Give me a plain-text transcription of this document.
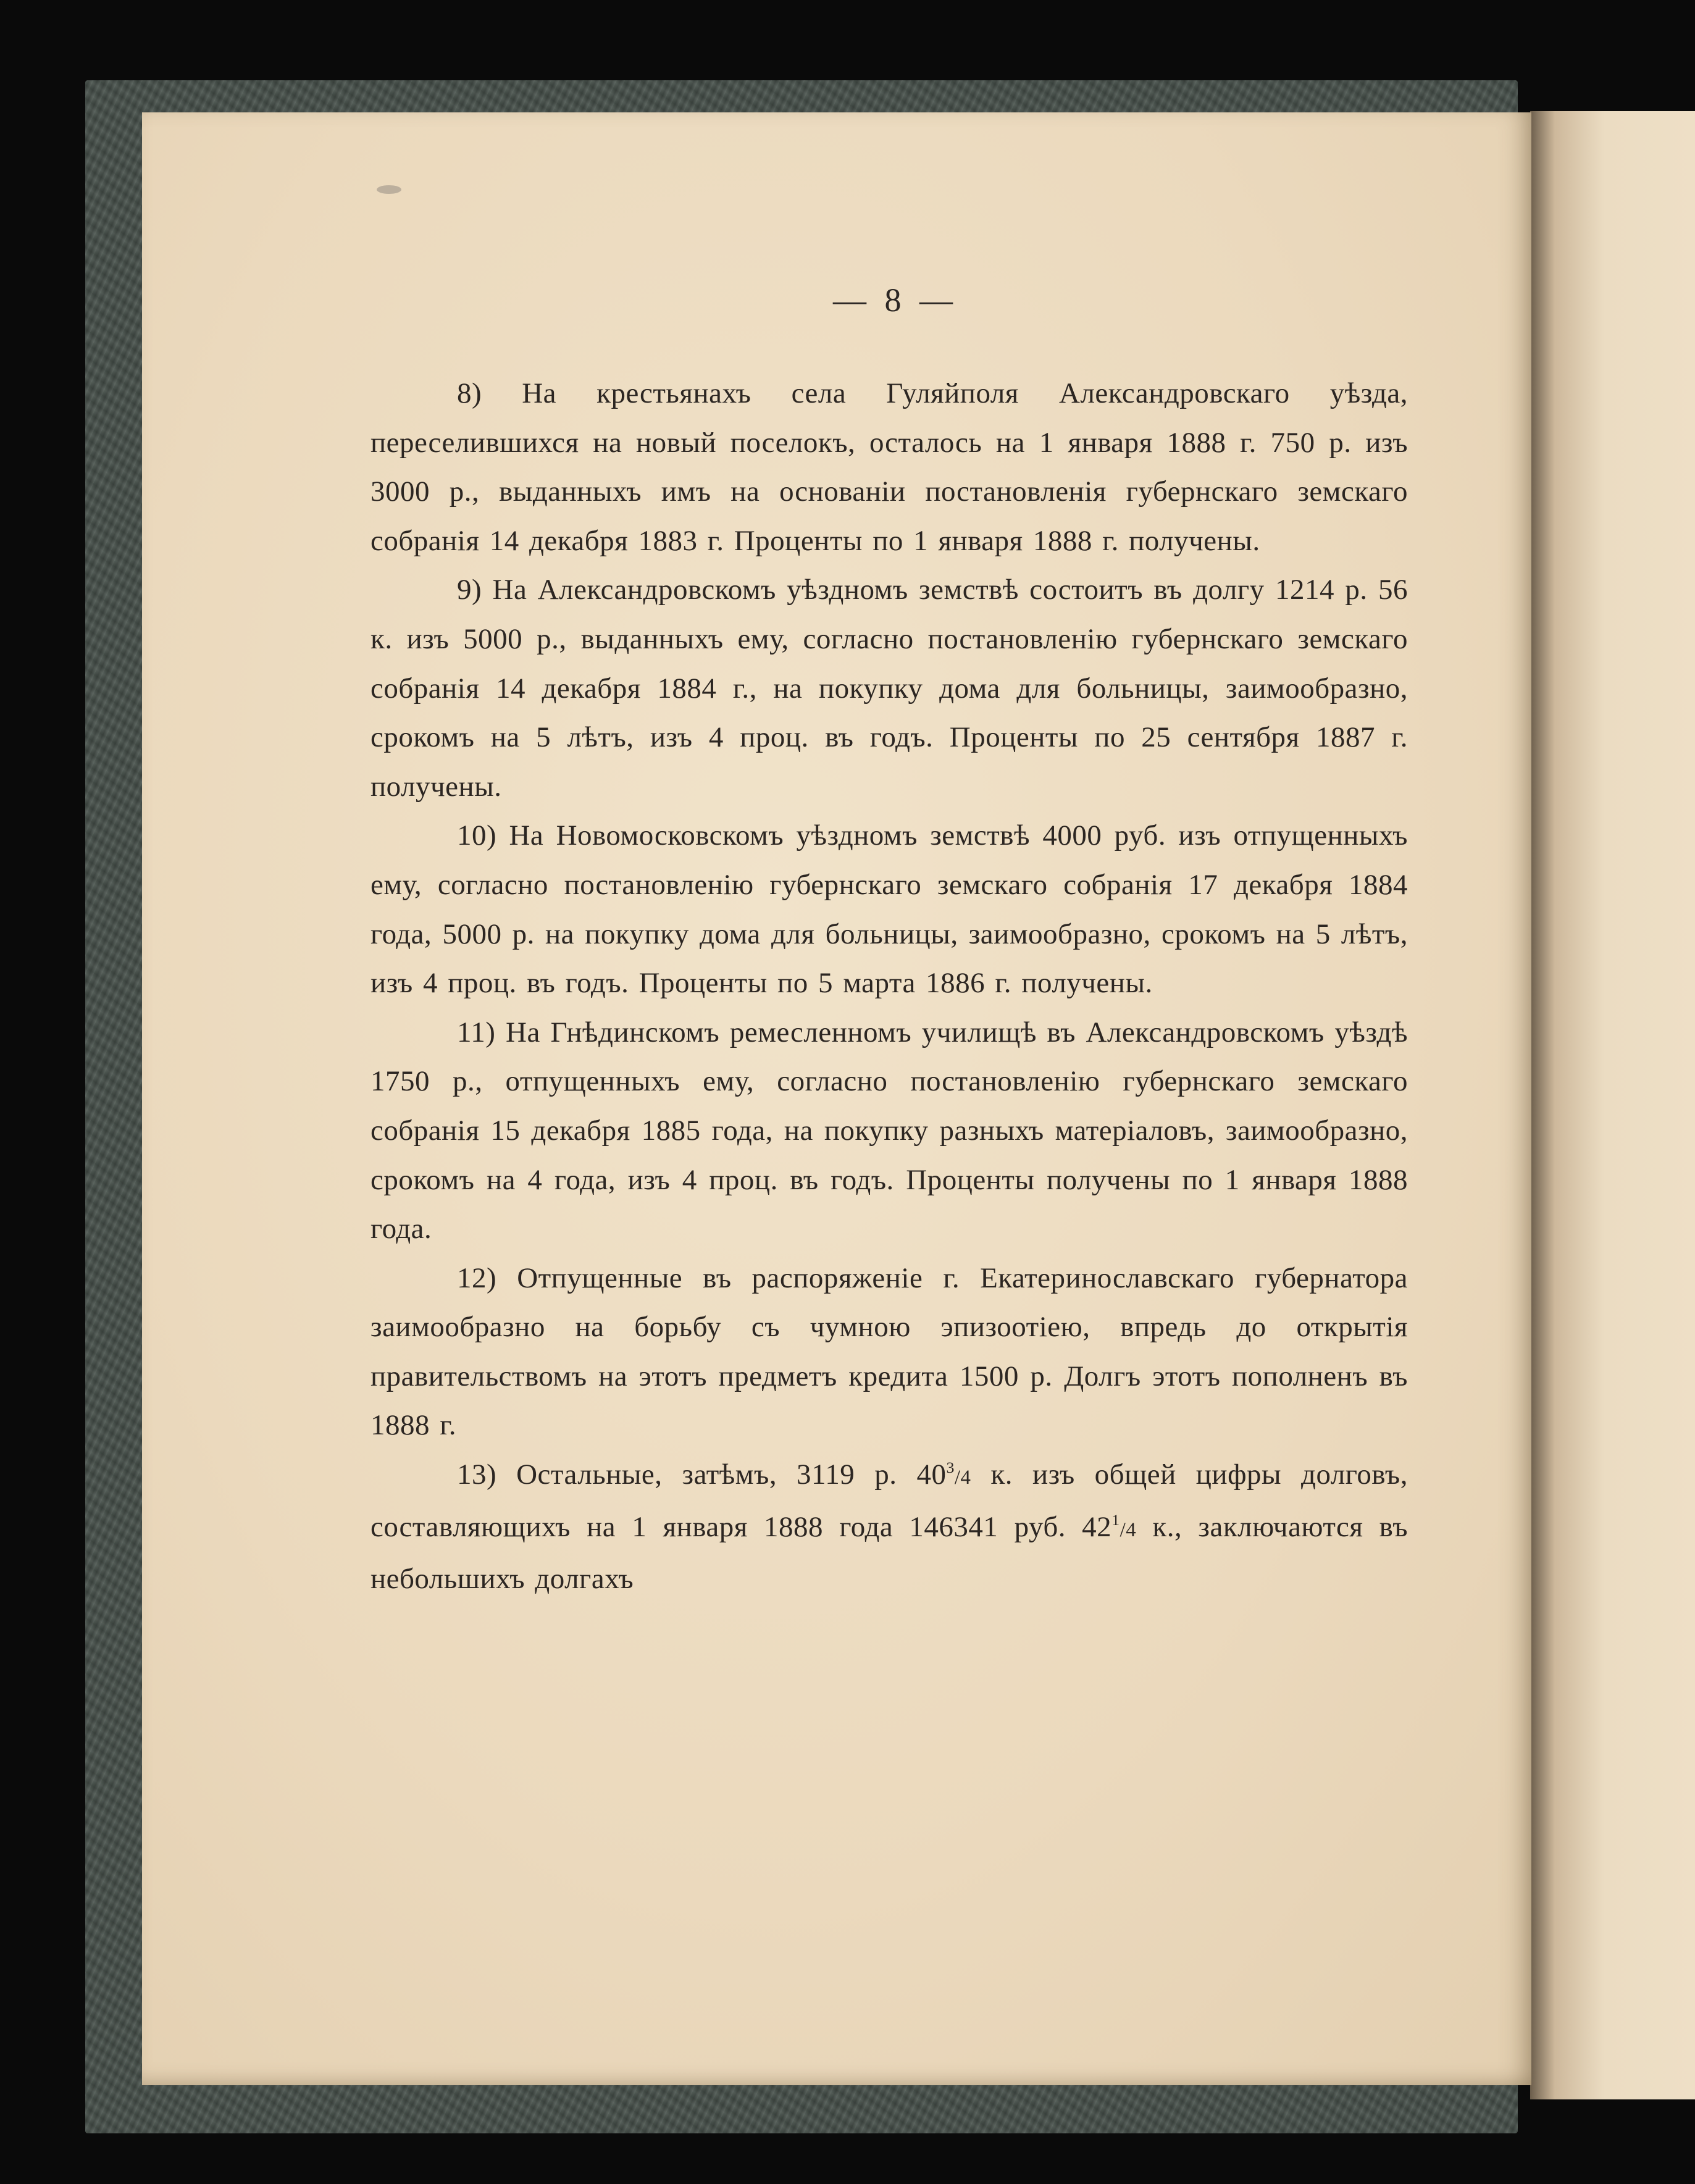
— 8 —

8) На крестьянахъ села Гуляйполя Александровскаго уѣзда, переселившихся на новый поселокъ, осталось на 1 января 1888 г. 750 р. изъ 3000 р., выданныхъ имъ на основаніи постановленія губернскаго земскаго собранія 14 декабря 1883 г. Проценты по 1 января 1888 г. получены.

9) На Александровскомъ уѣздномъ земствѣ состоитъ въ долгу 1214 р. 56 к. изъ 5000 р., выданныхъ ему, согласно постановленію губернскаго земскаго собранія 14 декабря 1884 г., на покупку дома для больницы, заимообразно, срокомъ на 5 лѣтъ, изъ 4 проц. въ годъ. Проценты по 25 сентября 1887 г. получены.

10) На Новомосковскомъ уѣздномъ земствѣ 4000 руб. изъ отпущенныхъ ему, согласно постановленію губернскаго земскаго собранія 17 декабря 1884 года, 5000 р. на покупку дома для больницы, заимообразно, срокомъ на 5 лѣтъ, изъ 4 проц. въ годъ. Проценты по 5 марта 1886 г. получены.

11) На Гнѣдинскомъ ремесленномъ училищѣ въ Александровскомъ уѣздѣ 1750 р., отпущенныхъ ему, согласно постановленію губернскаго земскаго собранія 15 декабря 1885 года, на покупку разныхъ матеріаловъ, заимообразно, срокомъ на 4 года, изъ 4 проц. въ годъ. Проценты получены по 1 января 1888 года.

12) Отпущенные въ распоряженіе г. Екатеринославскаго губернатора заимообразно на борьбу съ чумною эпизоотіею, впредь до открытія правительствомъ на этотъ предметъ кредита 1500 р. Долгъ этотъ пополненъ въ 1888 г.

13) Остальные, затѣмъ, 3119 р. $40^3/4$ к. изъ общей цифры долговъ, составляющихъ на 1 января 1888 года 146341 руб. $42^1/4$ к., заключаются въ небольшихъ долгахъ
